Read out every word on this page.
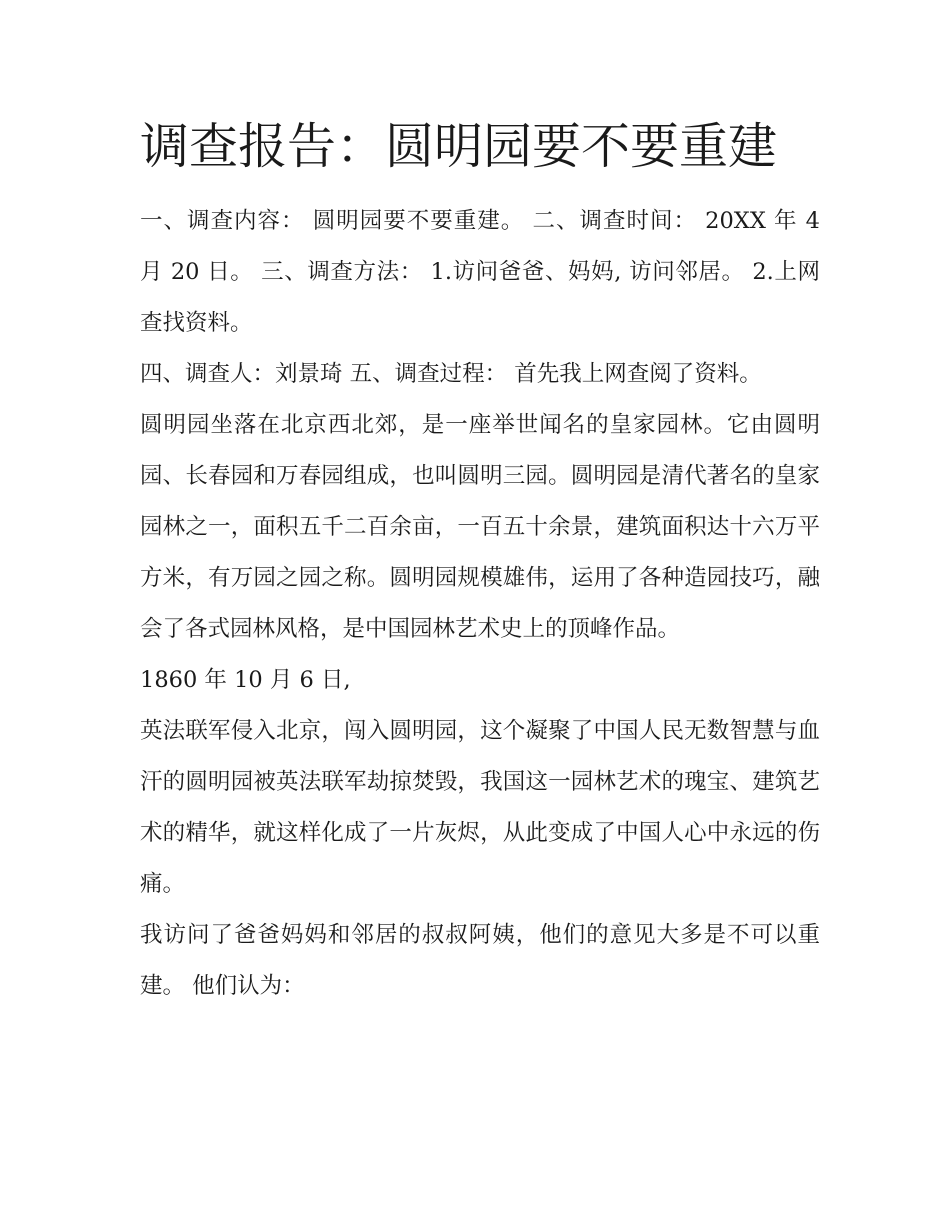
调查报告：圆明园要不要重建

一、调查内容： 圆明园要不要重建。 二、调查时间： 20XX 年 4 月 20 日。 三、调查方法： 1.访问爸爸、妈妈, 访问邻居。 2.上网查找资料。

四、调查人：刘景琦 五、调查过程： 首先我上网查阅了资料。

圆明园坐落在北京西北郊，是一座举世闻名的皇家园林。它由圆明园、长春园和万春园组成，也叫圆明三园。圆明园是清代著名的皇家园林之一，面积五千二百余亩，一百五十余景，建筑面积达十六万平方米，有万园之园之称。圆明园规模雄伟，运用了各种造园技巧，融会了各式园林风格，是中国园林艺术史上的顶峰作品。

1860 年 10 月 6 日,

英法联军侵入北京，闯入圆明园，这个凝聚了中国人民无数智慧与血汗的圆明园被英法联军劫掠焚毁，我国这一园林艺术的瑰宝、建筑艺术的精华，就这样化成了一片灰烬，从此变成了中国人心中永远的伤痛。

我访问了爸爸妈妈和邻居的叔叔阿姨，他们的意见大多是不可以重建。 他们认为：
